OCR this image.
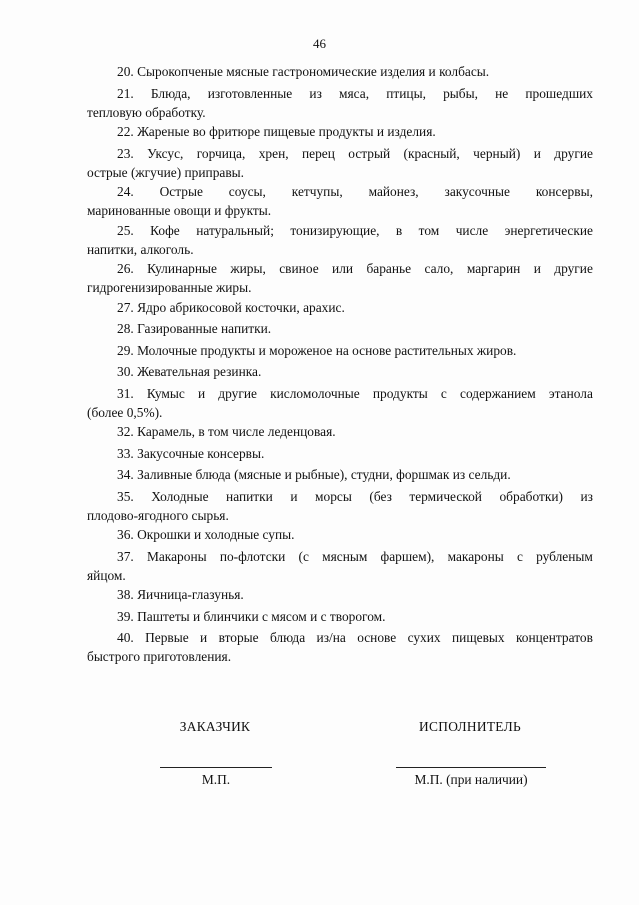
46
20. Сырокопченые мясные гастрономические изделия и колбасы.
21. Блюда, изготовленные из мяса, птицы, рыбы, не прошедших
тепловую обработку.
22. Жареные во фритюре пищевые продукты и изделия.
23. Уксус, горчица, хрен, перец острый (красный, черный) и другие
острые (жгучие) приправы.
24. Острые соусы, кетчупы, майонез, закусочные консервы,
маринованные овощи и фрукты.
25. Кофе натуральный; тонизирующие, в том числе энергетические
напитки, алкоголь.
26. Кулинарные жиры, свиное или баранье сало, маргарин и другие
гидрогенизированные жиры.
27. Ядро абрикосовой косточки, арахис.
28. Газированные напитки.
29. Молочные продукты и мороженое на основе растительных жиров.
30. Жевательная резинка.
31. Кумыс и другие кисломолочные продукты с содержанием этанола
(более 0,5%).
32. Карамель, в том числе леденцовая.
33. Закусочные консервы.
34. Заливные блюда (мясные и рыбные), студни, форшмак из сельди.
35. Холодные напитки и морсы (без термической обработки) из
плодово-ягодного сырья.
36. Окрошки и холодные супы.
37. Макароны по-флотски (с мясным фаршем), макароны с рубленым
яйцом.
38. Яичница-глазунья.
39. Паштеты и блинчики с мясом и с творогом.
40. Первые и вторые блюда из/на основе сухих пищевых концентратов
быстрого приготовления.
ЗАКАЗЧИК	ИСПОЛНИТЕЛЬ
М.П.	М.П. (при наличии)
